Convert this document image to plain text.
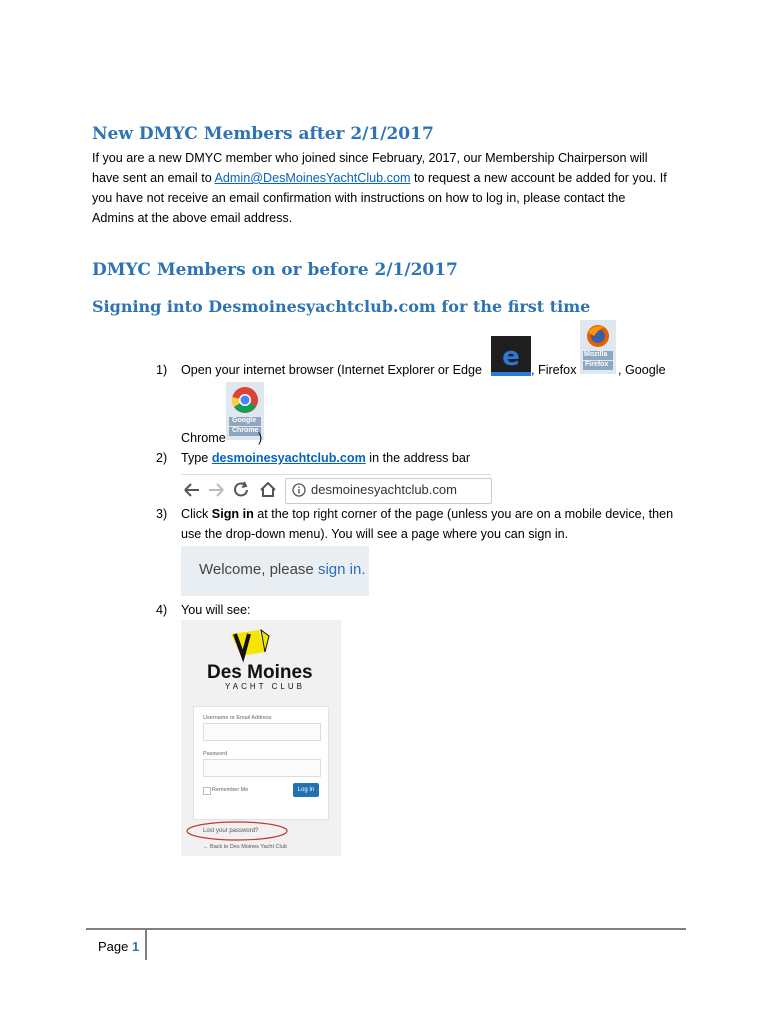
New DMYC Members after 2/1/2017
If you are a new DMYC member who joined since February, 2017, our Membership Chairperson will
have sent an email to Admin@DesMoinesYachtClub.com to request a new account be added for you. If
you have not receive an email confirmation with instructions on how to log in, please contact the
Admins at the above email address.
DMYC Members on or before 2/1/2017
Signing into Desmoinesyachtclub.com for the first time
1) Open your internet browser (Internet Explorer or Edge e , Firefox
Mozilla
Firefox , Google
Chrome
Google
Chrome
)
2) Type desmoinesyachtclub.com in the address bar
desmoinesyachtclub.com
3) Click Sign in at the top right corner of the page (unless you are on a mobile device, then
use the drop-down menu). You will see a page where you can sign in.
Welcome, please sign in.
4) You will see:
Des Moines
YACHT CLUB
Username or Email Address
Password
Remember Me	Log In
Lost your password?
← Back to Des Moines Yacht Club
Page 1
